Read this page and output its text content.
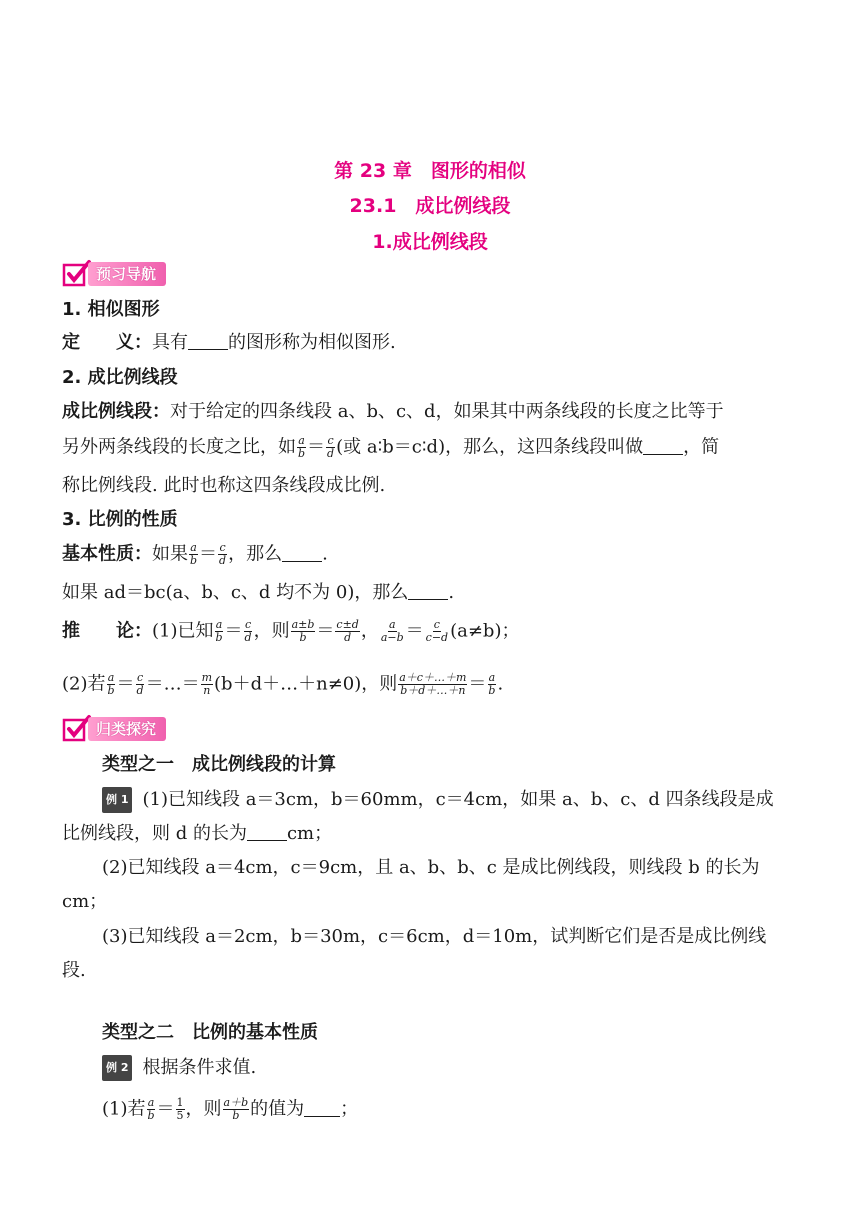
第 23 章　图形的相似
23.1　成比例线段
1.成比例线段
预习导航
1. 相似图形
定　　义：具有 的图形称为相似图形.
2. 成比例线段
成比例线段：对于给定的四条线段 a、b、c、d，如果其中两条线段的长度之比等于
另外两条线段的长度之比，如 $\frac{a}{b} = \frac{c}{d}$ (或 a∶b＝c∶d)，那么，这四条线段叫做 ，简
称比例线段. 此时也称这四条线段成比例.
3. 比例的性质
基本性质：如果 $\frac{a}{b} = \frac{c}{d}$ ，那么 .
如果 ad＝bc(a、b、c、d 均不为 0)，那么 .
推　　论：(1)已知 $\frac{a}{b} = \frac{c}{d}$ ，则 $\frac{a\pm b}{b} = \frac{c\pm d}{d}$ ， $\frac{a}{a-b} = \frac{c}{c-d} (a\ne b)$；
(2)若 $\frac{a}{b} = \frac{c}{d}$ ＝…＝ $\frac{m}{n}$ (b＋d＋…＋n≠0)，则 $\frac{a+c+\dots+m}{b+d+\dots+n} = \frac{a}{b}$ .
归类探究
类型之一　成比例线段的计算
例 1 (1)已知线段 a＝3cm，b＝60mm，c＝4cm，如果 a、b、c、d 四条线段是成
比例线段，则 d 的长为 cm；
(2)已知线段 a＝4cm，c＝9cm，且 a、b、b、c 是成比例线段，则线段 b 的长为
cm；
(3)已知线段 a＝2cm，b＝30m，c＝6cm，d＝10m，试判断它们是否是成比例线
段.
类型之二　比例的基本性质
例 2 根据条件求值.
(1)若 $\frac{a}{b} = \frac{1}{5}$ ，则 $\frac{a+b}{b}$ 的值为 ；
